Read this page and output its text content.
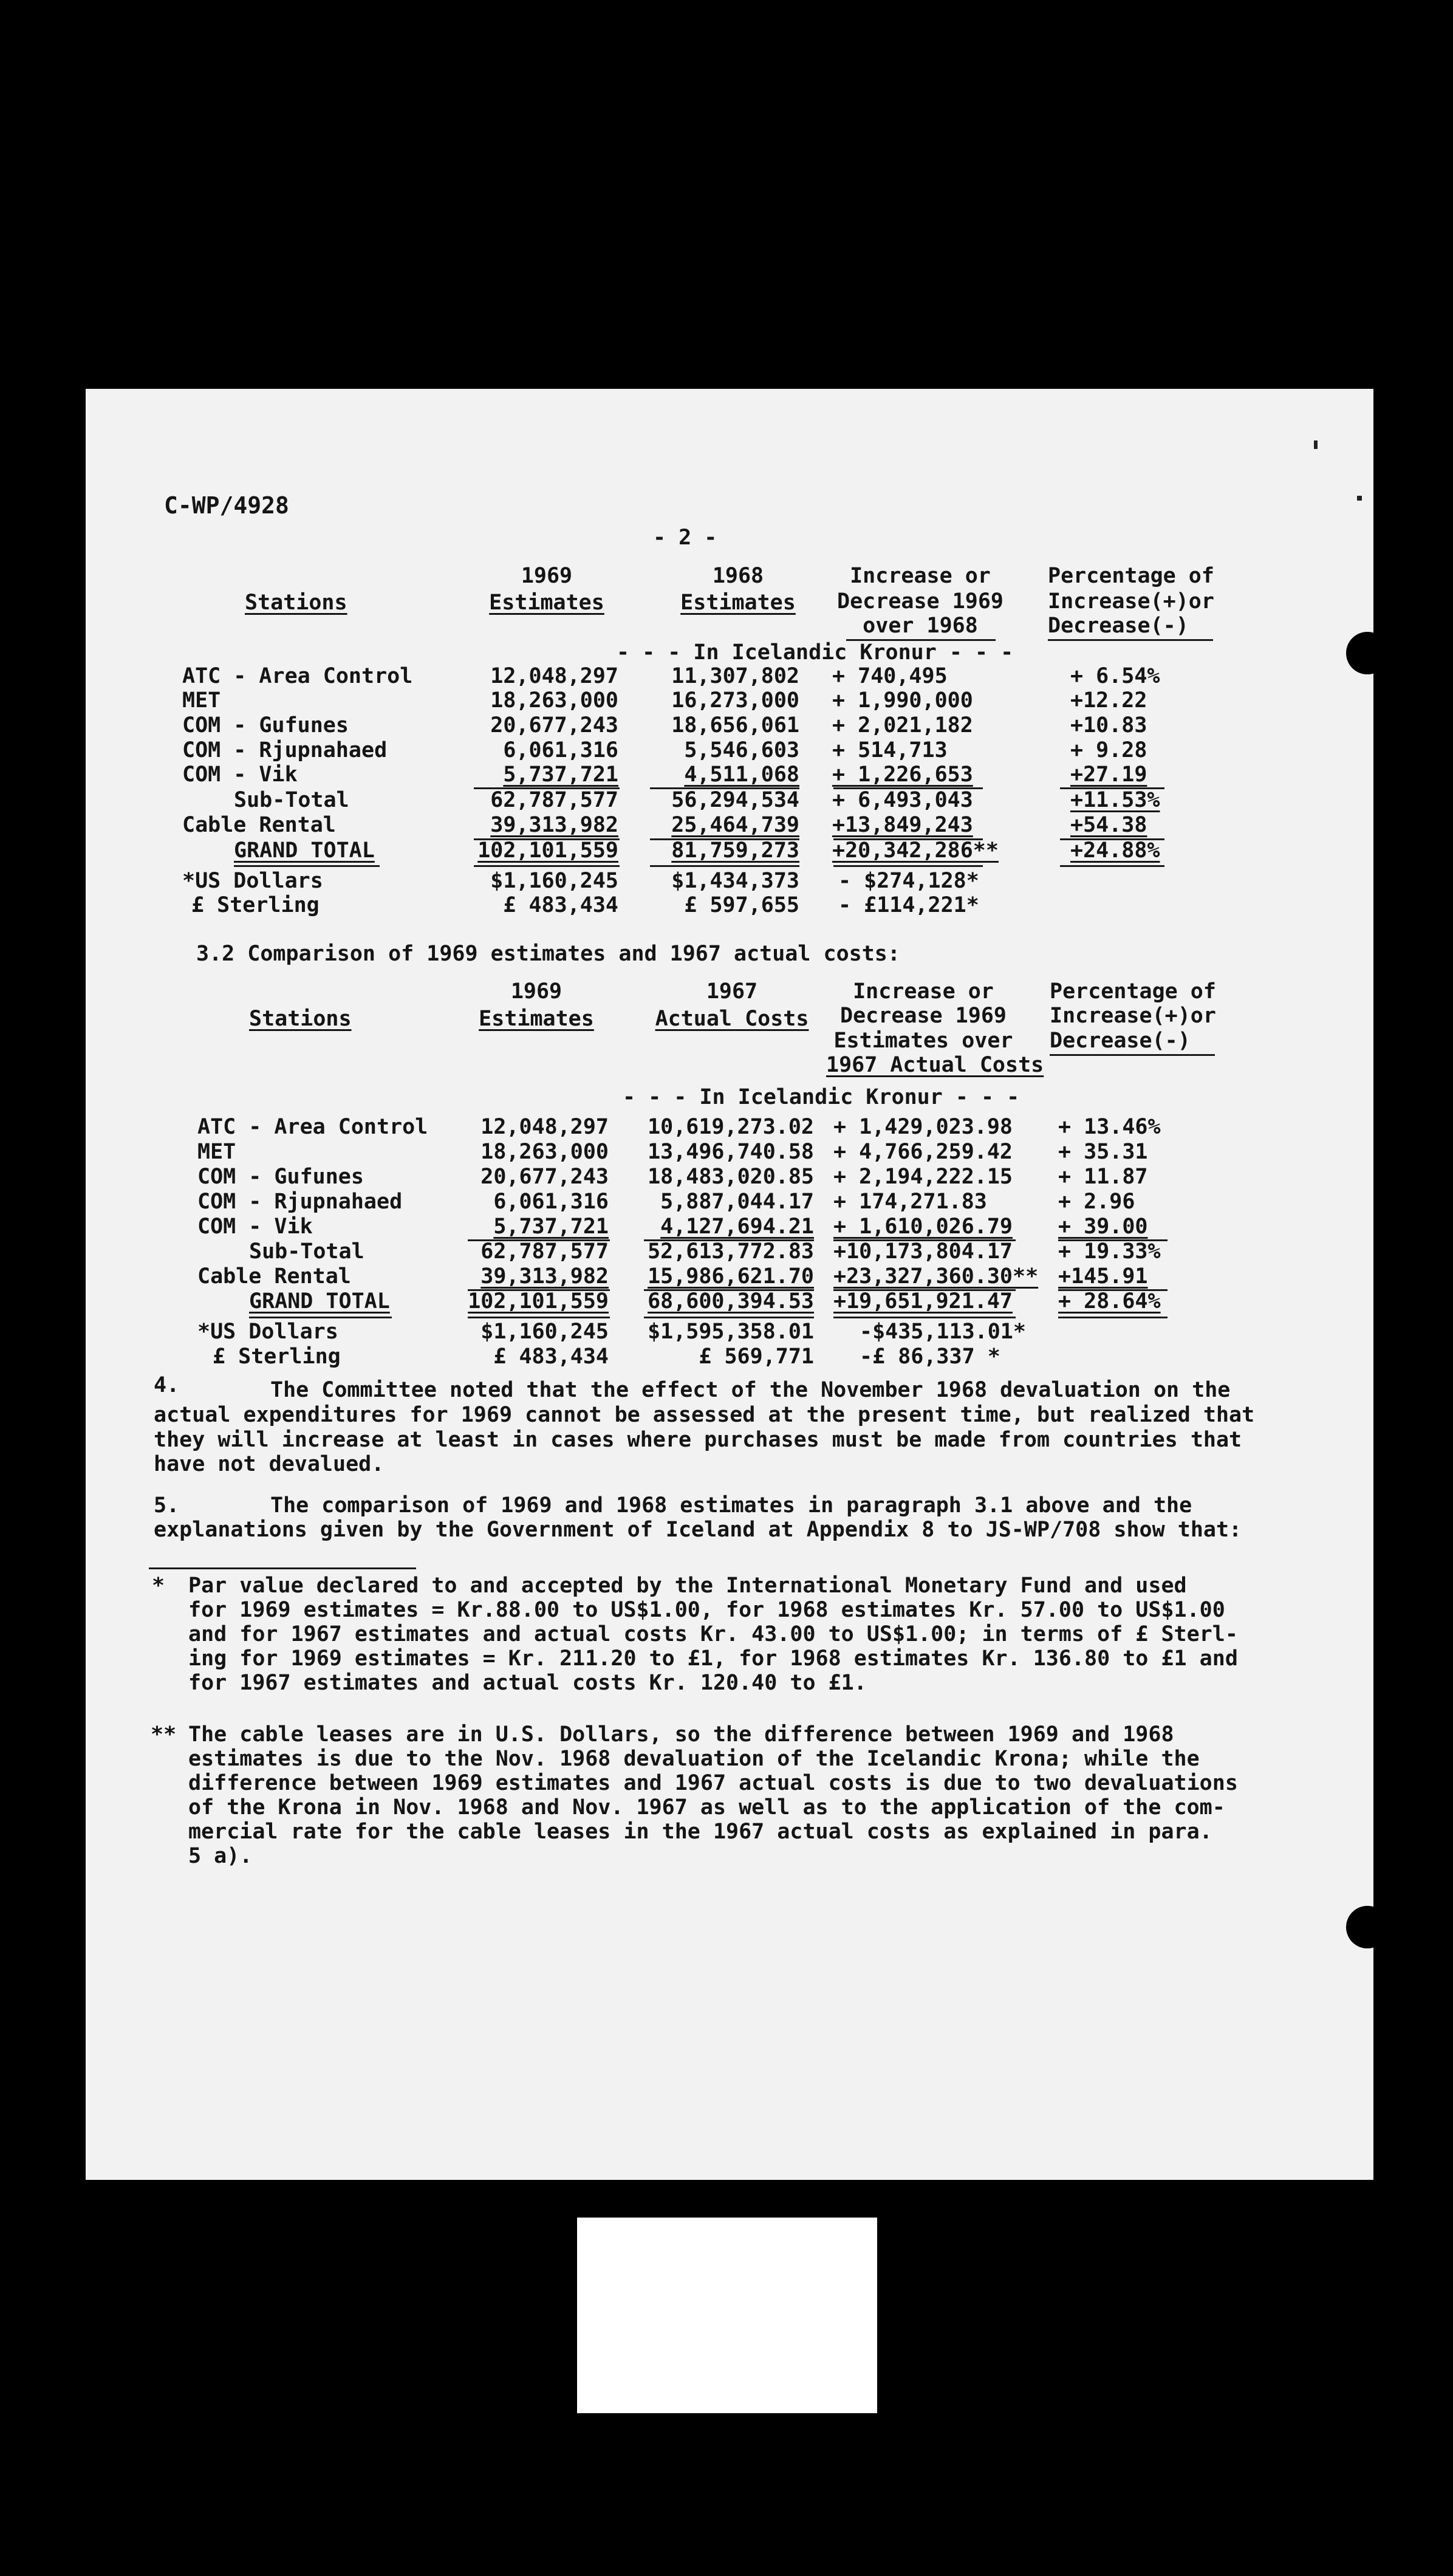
C-WP/4928
- 2 -
Stations
1969
Estimates
1968
Estimates
Increase or
Decrease 1969
over 1968
Percentage of
Increase(+)or
Decrease(-)
- - - In Icelandic Kronur - - -
ATC - Area Control	12,048,297	11,307,802 + 740,495	+ 6.54%
MET	18,263,000	16,273,000 + 1,990,000	+12.22
COM - Gufunes	20,677,243	18,656,061 + 2,021,182	+10.83
COM - Rjupnahaed	6,061,316	5,546,603 + 514,713	+ 9.28
COM - Vik	5,737,721	4,511,068 + 1,226,653	+27.19
Sub-Total	62,787,577	56,294,534 + 6,493,043	+11.53%
Cable Rental	39,313,982	25,464,739 +13,849,243	+54.38
GRAND TOTAL	102,101,559	81,759,273 +20,342,286**	+24.88%
*US Dollars	$1,160,245	$1,434,373 - $274,128*
£ Sterling	£ 483,434	£ 597,655 - £114,221*
3.2 Comparison of 1969 estimates and 1967 actual costs:
Stations
1969
Estimates
1967
Actual Costs
Increase or
Decrease 1969
Estimates over
1967 Actual Costs
Percentage of
Increase(+)or
Decrease(-)
- - - In Icelandic Kronur - - -
ATC - Area Control	12,048,297	10,619,273.02 + 1,429,023.98 + 13.46%
MET	18,263,000	13,496,740.58 + 4,766,259.42 + 35.31
COM - Gufunes	20,677,243	18,483,020.85 + 2,194,222.15 + 11.87
COM - Rjupnahaed	6,061,316	5,887,044.17 + 174,271.83	+ 2.96
COM - Vik	5,737,721	4,127,694.21 + 1,610,026.79 + 39.00
Sub-Total	62,787,577	52,613,772.83 +10,173,804.17 + 19.33%
Cable Rental	39,313,982	15,986,621.70 +23,327,360.30** +145.91
GRAND TOTAL	102,101,559	68,600,394.53 +19,651,921.47 + 28.64%
*US Dollars	$1,160,245	$1,595,358.01 -$435,113.01*
£ Sterling	£ 483,434	£ 569,771 -£ 86,337 *
4.	The Committee noted that the effect of the November 1968 devaluation on the
actual expenditures for 1969 cannot be assessed at the present time, but realized that
they will increase at least in cases where purchases must be made from countries that
have not devalued.
5.	The comparison of 1969 and 1968 estimates in paragraph 3.1 above and the
explanations given by the Government of Iceland at Appendix 8 to JS-WP/708 show that:
* Par value declared to and accepted by the International Monetary Fund and used
for 1969 estimates = Kr.88.00 to US$1.00, for 1968 estimates Kr. 57.00 to US$1.00
and for 1967 estimates and actual costs Kr. 43.00 to US$1.00; in terms of £ Sterl-
ing for 1969 estimates = Kr. 211.20 to £1, for 1968 estimates Kr. 136.80 to £1 and
for 1967 estimates and actual costs Kr. 120.40 to £1.
** The cable leases are in U.S. Dollars, so the difference between 1969 and 1968
estimates is due to the Nov. 1968 devaluation of the Icelandic Krona; while the
difference between 1969 estimates and 1967 actual costs is due to two devaluations
of the Krona in Nov. 1968 and Nov. 1967 as well as to the application of the com-
mercial rate for the cable leases in the 1967 actual costs as explained in para.
5 a).
